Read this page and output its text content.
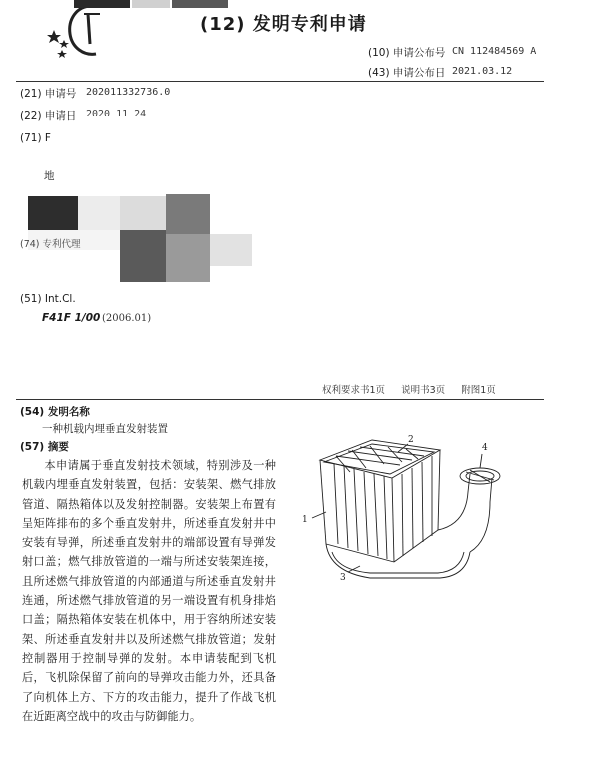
(12) 发明专利申请
(10) 申请公布号 CN 112484569 A
(43) 申请公布日 2021.03.12
(21) 申请号 202011332736.0
(22) 申请日 2020 11 24
(71) F
地
(74) 专利代理
(51) Int.Cl.
F41F 1/00 (2006.01)
权利要求书1页 说明书3页 附图1页
(54) 发明名称
一种机载内埋垂直发射装置
(57) 摘要
本申请属于垂直发射技术领域，特别涉及一种机载内埋垂直发射装置，包括：安装架、燃气排放管道、隔热箱体以及发射控制器。安装架上布置有呈矩阵排布的多个垂直发射井，所述垂直发射井中安装有导弹，所述垂直发射井的端部设置有导弹发射口盖；燃气排放管道的一端与所述安装架连接，且所述燃气排放管道的内部通道与所述垂直发射井连通，所述燃气排放管道的另一端设置有机身排焰口盖；隔热箱体安装在机体中，用于容纳所述安装架、所述垂直发射井以及所述燃气排放管道；发射控制器用于控制导弹的发射。本申请装配到飞机后，飞机除保留了前向的导弹攻击能力外，还具备了向机体上方、下方的攻击能力，提升了作战飞机在近距离空战中的攻击与防御能力。
1
2
3
4
